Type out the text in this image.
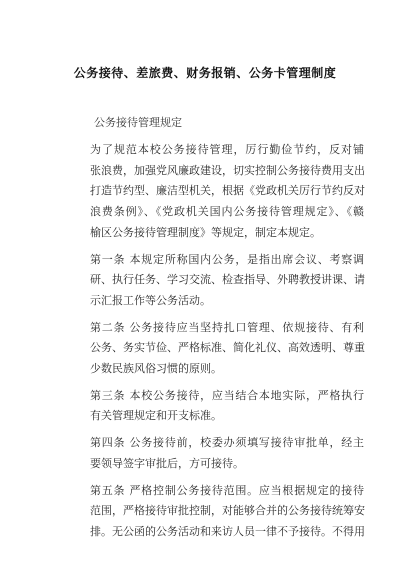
公务接待、差旅费、财务报销、公务卡管理制度

公务接待管理规定

为了规范本校公务接待管理，厉行勤俭节约，反对铺
张浪费，加强党风廉政建设，切实控制公务接待费用支出
打造节约型、廉洁型机关，根据《党政机关厉行节约反对
浪费条例》、《党政机关国内公务接待管理规定》、《赣
榆区公务接待管理制度》等规定，制定本规定。

第一条 本规定所称国内公务，是指出席会议、考察调
研、执行任务、学习交流、检查指导、外聘教授讲课、请
示汇报工作等公务活动。

第二条 公务接待应当坚持扎口管理、依规接待、有利
公务、务实节俭、严格标准、简化礼仪、高效透明、尊重
少数民族风俗习惯的原则。

第三条 本校公务接待，应当结合本地实际，严格执行
有关管理规定和开支标准。

第四条 公务接待前，校委办须填写接待审批单，经主
要领导签字审批后，方可接待。

第五条 严格控制公务接待范围。应当根据规定的接待
范围，严格接待审批控制，对能够合并的公务接待统筹安
排。无公函的公务活动和来访人员一律不予接待。不得用
